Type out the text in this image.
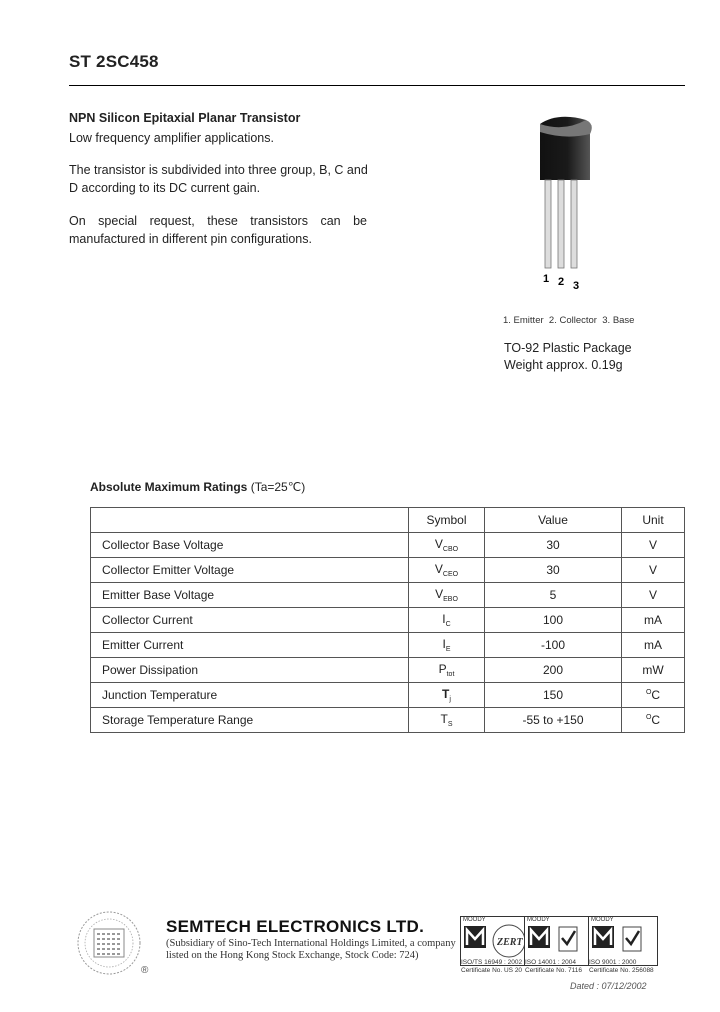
ST 2SC458
NPN Silicon Epitaxial Planar Transistor
Low frequency amplifier applications.
The transistor is subdivided into three group, B, C and D according to its DC current gain.
On special request, these transistors can be manufactured in different pin configurations.
1 2 3
1. Emitter  2. Collector  3. Base
TO-92 Plastic Package
Weight approx. 0.19g
Absolute Maximum Ratings (Ta=25℃)
	Symbol	Value	Unit
Collector Base Voltage	$V_{CBO}$	30	V
Collector Emitter Voltage	$V_{CEO}$	30	V
Emitter Base Voltage	$V_{EBO}$	5	V
Collector Current	$I_C$	100	mA
Emitter Current	$I_E$	-100	mA
Power Dissipation	$P_{tot}$	200	mW
Junction Temperature	$T_j$	150	$^O$C
Storage Temperature Range	$T_S$	-55 to +150	$^O$C
®
SEMTECH ELECTRONICS LTD.
(Subsidiary of Sino-Tech International Holdings Limited, a company
listed on the Hong Kong Stock Exchange, Stock Code: 724)
MOODY
ZERT
ISO/TS 16949 : 2002
Certificate No. US 20
MOODY
ISO 14001 : 2004
Certificate No. 7116
MOODY
ISO 9001 : 2000
Certificate No. 256088
Dated : 07/12/2002
